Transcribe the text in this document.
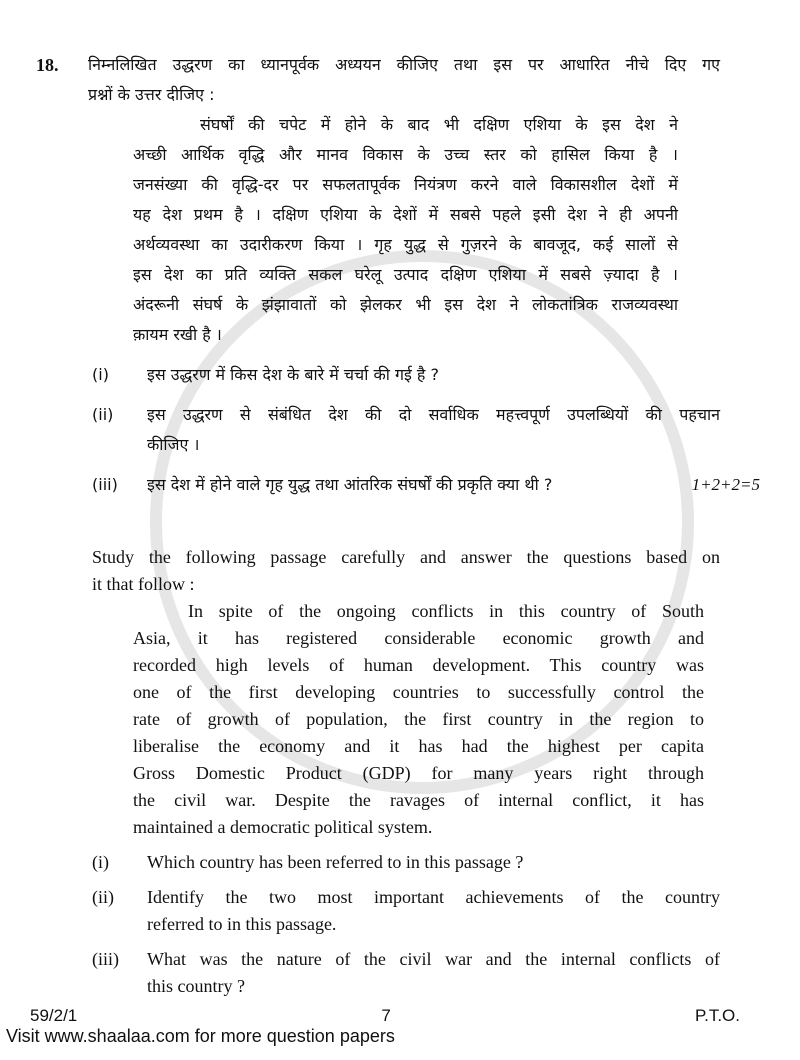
18.	निम्नलिखित उद्धरण का ध्यानपूर्वक अध्ययन कीजिए तथा इस पर आधारित नीचे दिए गए
प्रश्नों के उत्तर दीजिए :
संघर्षों की चपेट में होने के बाद भी दक्षिण एशिया के इस देश ने
अच्छी आर्थिक वृद्धि और मानव विकास के उच्च स्तर को हासिल किया है ।
जनसंख्या की वृद्धि-दर पर सफलतापूर्वक नियंत्रण करने वाले विकासशील देशों में
यह देश प्रथम है । दक्षिण एशिया के देशों में सबसे पहले इसी देश ने ही अपनी
अर्थव्यवस्था का उदारीकरण किया । गृह युद्ध से गुज़रने के बावजूद, कई सालों से
इस देश का प्रति व्यक्ति सकल घरेलू उत्पाद दक्षिण एशिया में सबसे ज़्यादा है ।
अंदरूनी संघर्ष के झंझावातों को झेलकर भी इस देश ने लोकतांत्रिक राजव्यवस्था
क़ायम रखी है ।
(i)	इस उद्धरण में किस देश के बारे में चर्चा की गई है ?
(ii)	इस उद्धरण से संबंधित देश की दो सर्वाधिक महत्त्वपूर्ण उपलब्धियों की पहचान
कीजिए ।
(iii)	इस देश में होने वाले गृह युद्ध तथा आंतरिक संघर्षों की प्रकृति क्या थी ?	1+2+2=5
Study the following passage carefully and answer the questions based on
it that follow :
In spite of the ongoing conflicts in this country of South
Asia, it has registered considerable economic growth and
recorded high levels of human development. This country was
one of the first developing countries to successfully control the
rate of growth of population, the first country in the region to
liberalise the economy and it has had the highest per capita
Gross Domestic Product (GDP) for many years right through
the civil war. Despite the ravages of internal conflict, it has
maintained a democratic political system.
(i)	Which country has been referred to in this passage ?
(ii)	Identify the two most important achievements of the country
referred to in this passage.
(iii)	What was the nature of the civil war and the internal conflicts of
this country ?
59/2/1	7	P.T.O.
Visit www.shaalaa.com for more question papers
